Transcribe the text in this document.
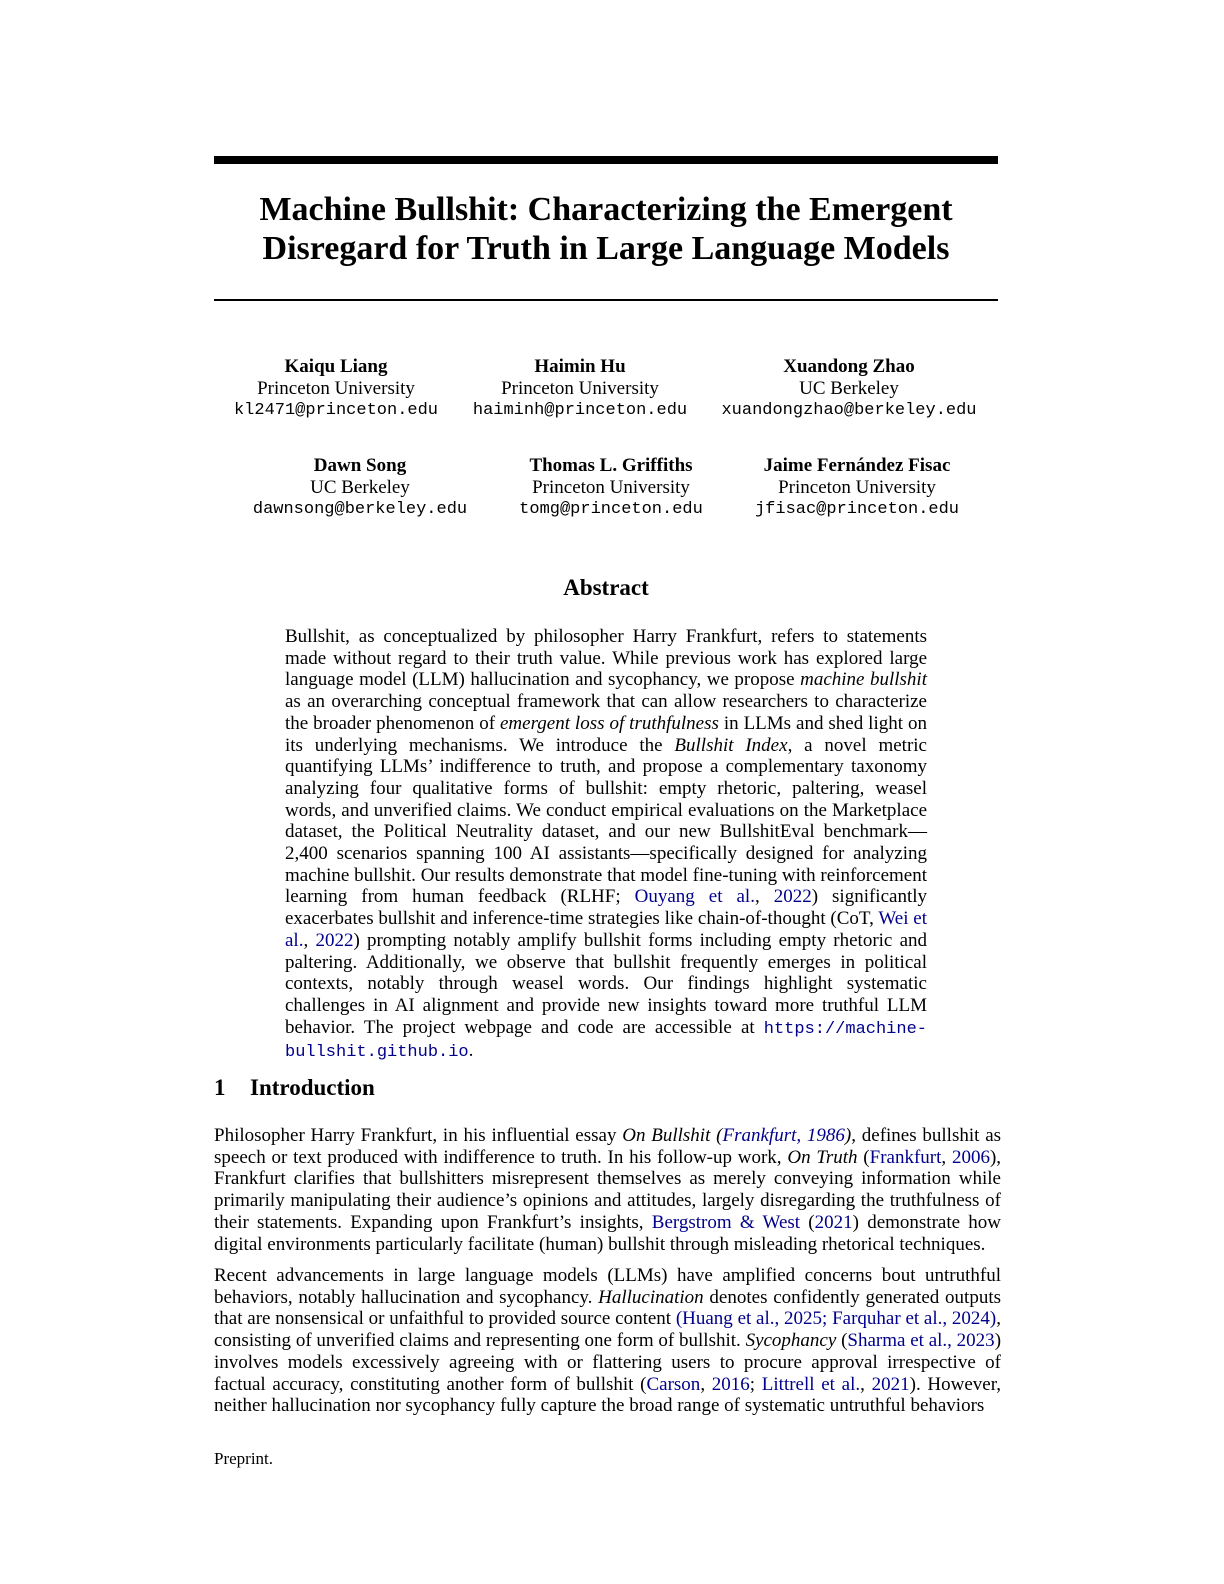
Machine Bullshit: Characterizing the Emergent
Disregard for Truth in Large Language Models
Kaiqu Liang
Princeton University
kl2471@princeton.edu
Haimin Hu
Princeton University
haiminh@princeton.edu
Xuandong Zhao
UC Berkeley
xuandongzhao@berkeley.edu
Dawn Song
UC Berkeley
dawnsong@berkeley.edu
Thomas L. Griffiths
Princeton University
tomg@princeton.edu
Jaime Fernández Fisac
Princeton University
jfisac@princeton.edu
Abstract
Bullshit, as conceptualized by philosopher Harry Frankfurt, refers to statements made without regard to their truth value. While previous work has explored large language model (LLM) hallucination and sycophancy, we propose machine bullshit as an overarching conceptual framework that can allow researchers to characterize the broader phenomenon of emergent loss of truthfulness in LLMs and shed light on its underlying mechanisms. We introduce the Bullshit Index, a novel metric quantifying LLMs’ indifference to truth, and propose a complementary taxonomy analyzing four qualitative forms of bullshit: empty rhetoric, paltering, weasel words, and unverified claims. We conduct empirical evaluations on the Marketplace dataset, the Political Neutrality dataset, and our new BullshitEval benchmark—2,400 scenarios spanning 100 AI assistants—specifically designed for analyzing machine bullshit. Our results demonstrate that model fine-tuning with reinforcement learning from human feedback (RLHF; Ouyang et al., 2022) significantly exacerbates bullshit and inference-time strategies like chain-of-thought (CoT, Wei et al., 2022) prompting notably amplify bullshit forms including empty rhetoric and paltering. Additionally, we observe that bullshit frequently emerges in political contexts, notably through weasel words. Our findings highlight systematic challenges in AI alignment and provide new insights toward more truthful LLM behavior. The project webpage and code are accessible at https://machine-bullshit.github.io.
1 Introduction
Philosopher Harry Frankfurt, in his influential essay On Bullshit (Frankfurt, 1986), defines bullshit as speech or text produced with indifference to truth. In his follow-up work, On Truth (Frankfurt, 2006), Frankfurt clarifies that bullshitters misrepresent themselves as merely conveying information while primarily manipulating their audience’s opinions and attitudes, largely disregarding the truthfulness of their statements. Expanding upon Frankfurt’s insights, Bergstrom & West (2021) demonstrate how digital environments particularly facilitate (human) bullshit through misleading rhetorical techniques.
Recent advancements in large language models (LLMs) have amplified concerns bout untruthful behaviors, notably hallucination and sycophancy. Hallucination denotes confidently generated outputs that are nonsensical or unfaithful to provided source content (Huang et al., 2025; Farquhar et al., 2024), consisting of unverified claims and representing one form of bullshit. Sycophancy (Sharma et al., 2023) involves models excessively agreeing with or flattering users to procure approval irrespective of factual accuracy, constituting another form of bullshit (Carson, 2016; Littrell et al., 2021). However, neither hallucination nor sycophancy fully capture the broad range of systematic untruthful behaviors
Preprint.
